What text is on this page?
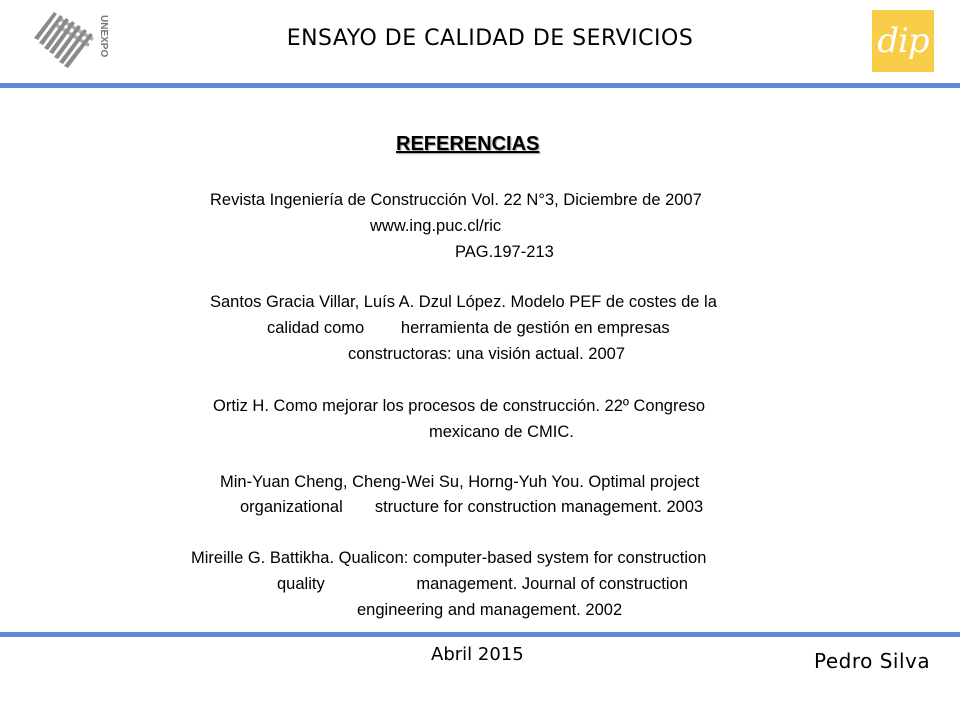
UNEXPO	ENSAYO DE CALIDAD DE SERVICIOS	dip
REFERENCIAS
Revista Ingeniería de Construcción Vol. 22 N°3, Diciembre de 2007
www.ing.puc.cl/ric
PAG.197-213
Santos Gracia Villar, Luís A. Dzul López. Modelo PEF de costes de la
calidad como        herramienta de gestión en empresas
constructoras: una visión actual. 2007
Ortiz H. Como mejorar los procesos de construcción. 22º Congreso
mexicano de CMIC.
Min-Yuan Cheng, Cheng-Wei Su, Horng-Yuh You. Optimal project
organizational       structure for construction management. 2003
Mireille G. Battikha. Qualicon: computer-based system for construction
quality                    management. Journal of construction
engineering and management. 2002
Abril 2015	Pedro Silva
